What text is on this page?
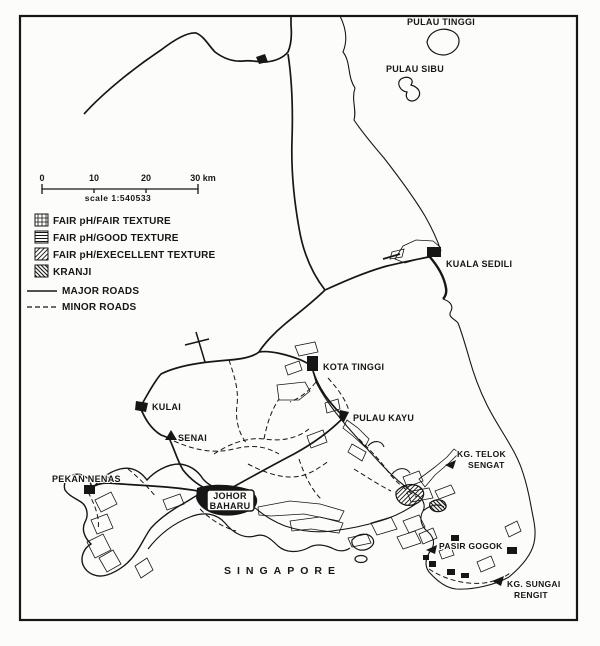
JOHOR
BAHARU
PULAU TINGGI
PULAU SIBU
KUALA SEDILI
KOTA TINGGI
PULAU KAYU
KULAI
SENAI
PEKAN NENAS
SINGAPORE
KG. TELOK
SENGAT
PASIR GOGOK
KG. SUNGAI
RENGIT
0	10	20	30 km
scale 1:540533
FAIR pH/FAIR TEXTURE
FAIR pH/GOOD TEXTURE
FAIR pH/EXECELLENT TEXTURE
KRANJI
MAJOR ROADS
MINOR ROADS
